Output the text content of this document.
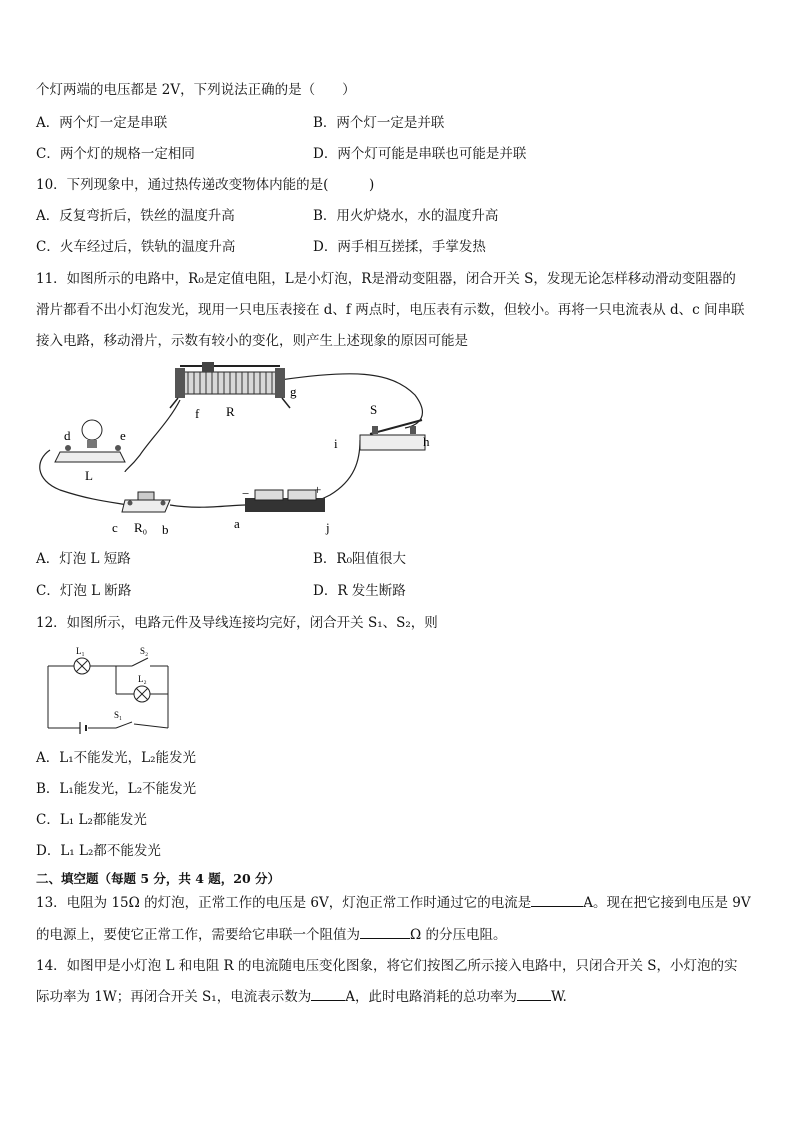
个灯两端的电压都是 2V，下列说法正确的是（　　）
A．两个灯一定是串联	B．两个灯一定是并联
C．两个灯的规格一定相同	D．两个灯可能是串联也可能是并联
10．下列现象中，通过热传递改变物体内能的是(　　　)
A．反复弯折后，铁丝的温度升高	B．用火炉烧水，水的温度升高
C．火车经过后，铁轨的温度升高	D．两手相互搓揉，手掌发热
11．如图所示的电路中，R₀是定值电阻，L是小灯泡，R是滑动变阻器，闭合开关 S，发现无论怎样移动滑动变阻器的
滑片都看不出小灯泡发光，现用一只电压表接在 d、f 两点时，电压表有示数，但较小。再将一只电流表从 d、c 间串联
接入电路，移动滑片，示数有较小的变化，则产生上述现象的原因可能是
f R
g
S
i	h
d	e
L
−	+
c R₀ b	a	j
A．灯泡 L 短路	B．R₀阻值很大
C．灯泡 L 断路	D．R 发生断路
12．如图所示，电路元件及导线连接均完好，闭合开关 S₁、S₂，则
L₁	S₂
L₂
S₁
A．L₁不能发光，L₂能发光
B．L₁能发光，L₂不能发光
C．L₁ L₂都能发光
D．L₁ L₂都不能发光
二、填空题（每题 5 分，共 4 题，20 分）
13．电阻为 15Ω 的灯泡，正常工作的电压是 6V，灯泡正常工作时通过它的电流是	A。现在把它接到电压是 9V
的电源上，要使它正常工作，需要给它串联一个阻值为	Ω 的分压电阻。
14．如图甲是小灯泡 L 和电阻 R 的电流随电压变化图象，将它们按图乙所示接入电路中，只闭合开关 S，小灯泡的实
际功率为 1W；再闭合开关 S₁，电流表示数为	A，此时电路消耗的总功率为	W.
